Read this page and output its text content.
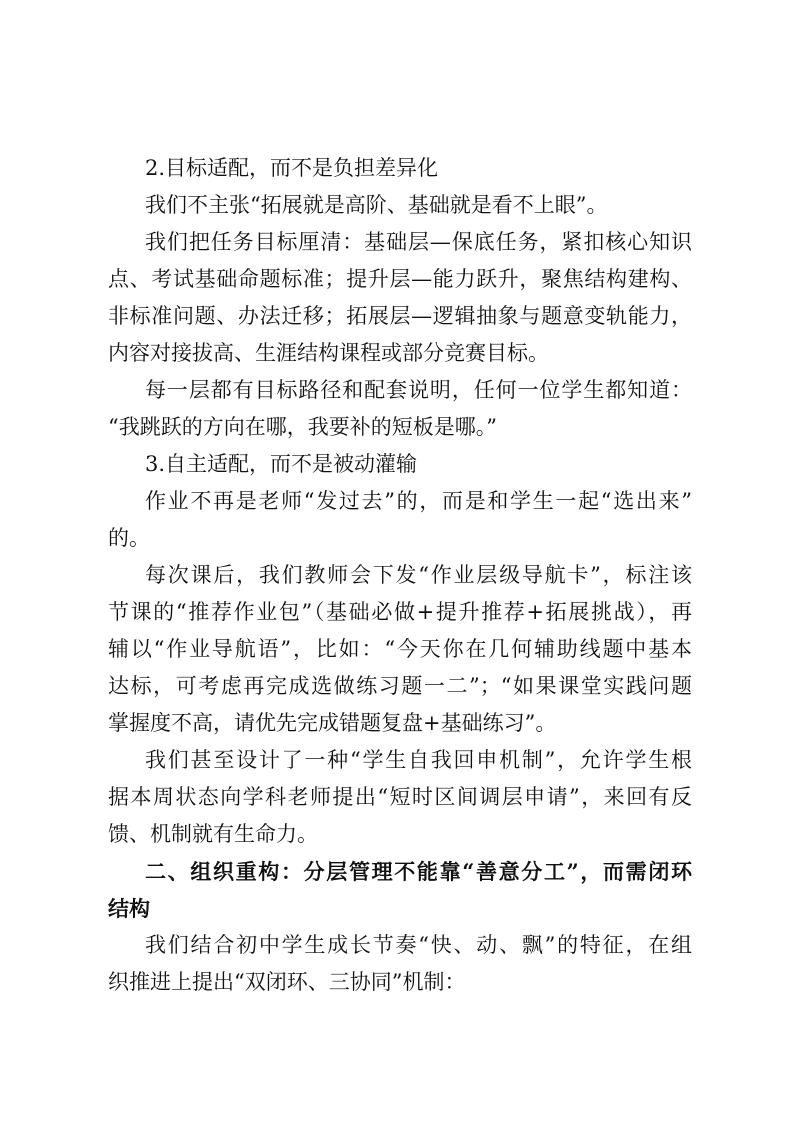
2.目标适配，而不是负担差异化
我们不主张“拓展就是高阶、基础就是看不上眼”。
我们把任务目标厘清：基础层—保底任务，紧扣核心知识
点、考试基础命题标准；提升层—能力跃升，聚焦结构建构、
非标准问题、办法迁移；拓展层—逻辑抽象与题意变轨能力，
内容对接拔高、生涯结构课程或部分竞赛目标。
每一层都有目标路径和配套说明，任何一位学生都知道：
“我跳跃的方向在哪，我要补的短板是哪。”
3.自主适配，而不是被动灌输
作业不再是老师“发过去”的，而是和学生一起“选出来”
的。
每次课后，我们教师会下发“作业层级导航卡”，标注该
节课的“推荐作业包”（基础必做+提升推荐+拓展挑战），再
辅以“作业导航语”，比如：“今天你在几何辅助线题中基本
达标，可考虑再完成选做练习题一二”；“如果课堂实践问题
掌握度不高，请优先完成错题复盘+基础练习”。
我们甚至设计了一种“学生自我回申机制”，允许学生根
据本周状态向学科老师提出“短时区间调层申请”，来回有反
馈、机制就有生命力。
二、组织重构：分层管理不能靠“善意分工”，而需闭环
结构
我们结合初中学生成长节奏“快、动、飘”的特征，在组
织推进上提出“双闭环、三协同”机制：
